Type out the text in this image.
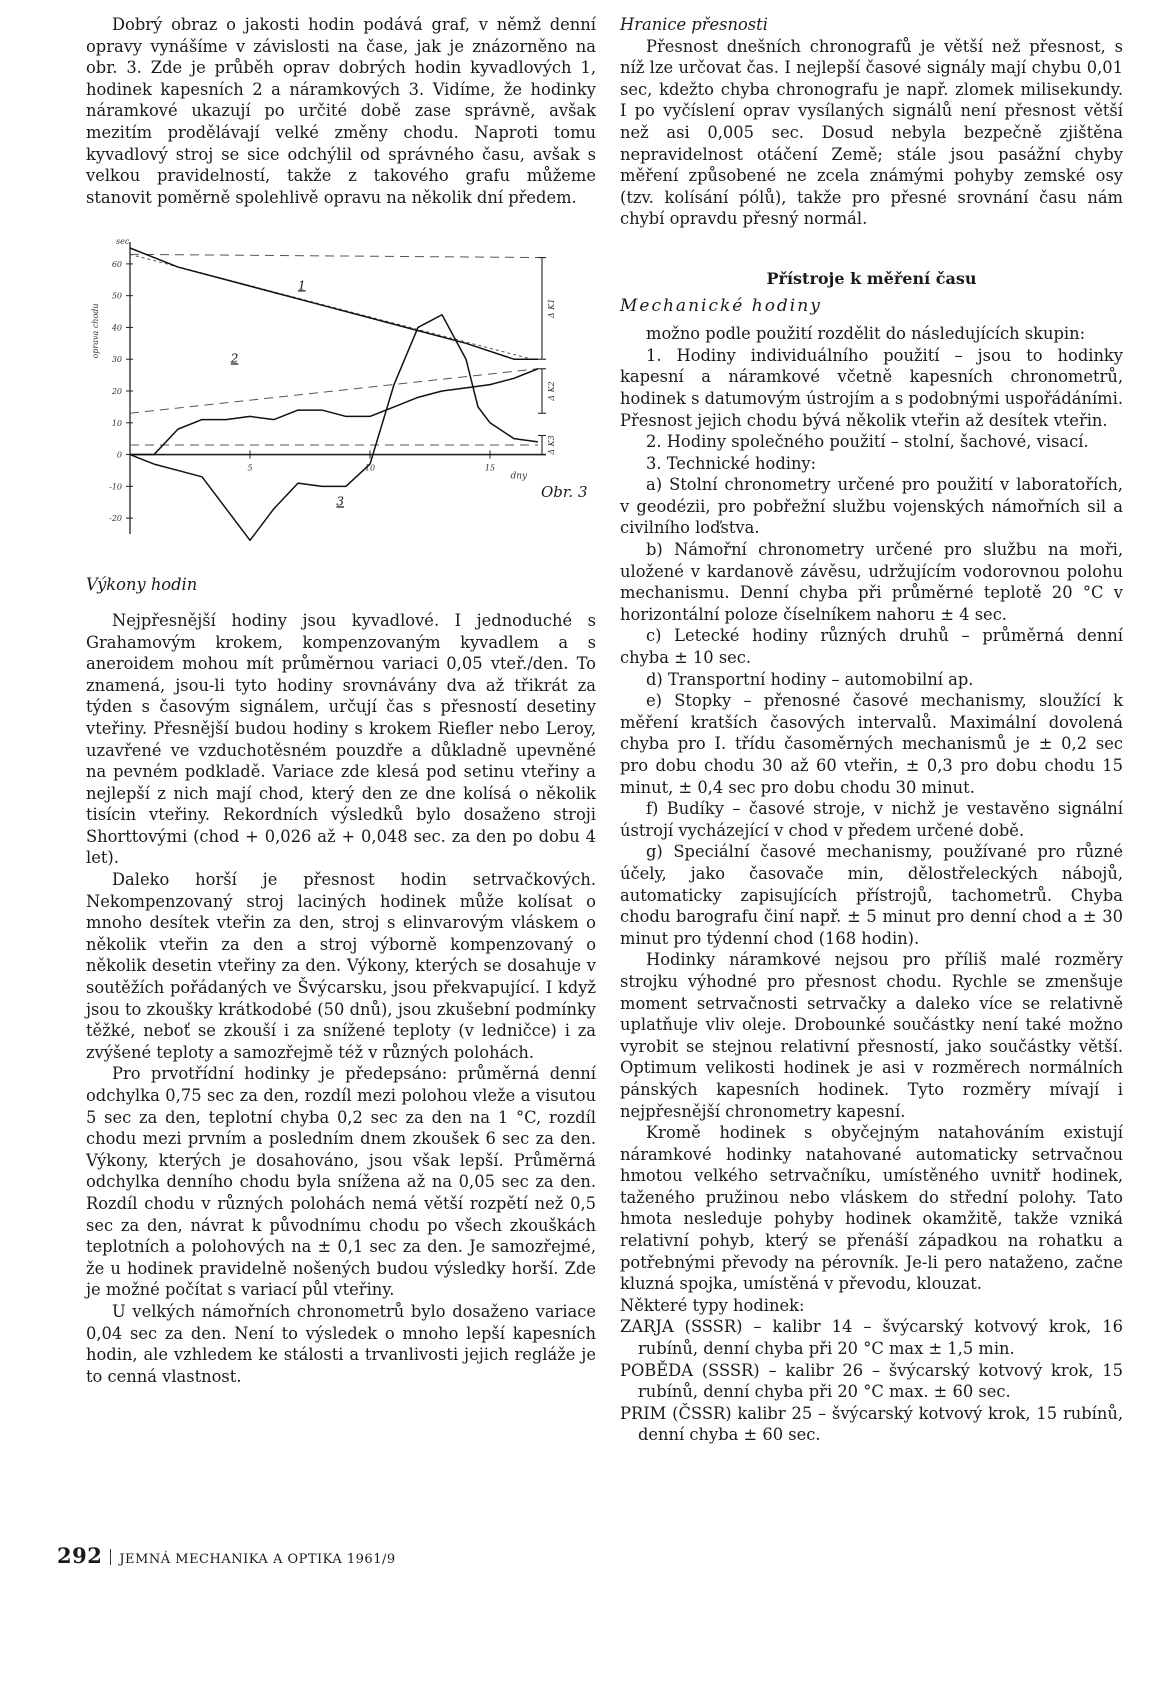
Dobrý obraz o jakosti hodin podává graf, v němž denní opravy vynášíme v závislosti na čase, jak je znázorněno na obr. 3. Zde je průběh oprav dobrých hodin kyvadlových 1, hodinek kapesních 2 a náramkových 3. Vidíme, že hodinky náramkové ukazují po určité době zase správně, avšak mezitím prodělávají velké změny chodu. Naproti tomu kyvadlový stroj se sice odchýlil od správného času, avšak s velkou pravidelností, takže z takového grafu můžeme stanovit poměrně spolehlivě opravu na několik dní předem.

60
50
40
30
20
10
0
-10
-20
sec
oprava chodu
5	10	15
dny
1
2
3
Δ K1
Δ K2
Δ K3
Obr. 3

Výkony hodin

Nejpřesnější hodiny jsou kyvadlové. I jednoduché s Grahamovým krokem, kompenzovaným kyvadlem a s aneroidem mohou mít průměrnou variaci 0,05 vteř./den. To znamená, jsou-li tyto hodiny srovnávány dva až třikrát za týden s časovým signálem, určují čas s přesností desetiny vteřiny. Přesnější budou hodiny s krokem Riefler nebo Leroy, uzavřené ve vzduchotěsném pouzdře a důkladně upevněné na pevném podkladě. Variace zde klesá pod setinu vteřiny a nejlepší z nich mají chod, který den ze dne kolísá o několik tisícin vteřiny. Rekordních výsledků bylo dosaženo stroji Shorttovými (chod + 0,026 až + 0,048 sec. za den po dobu 4 let).

Daleko horší je přesnost hodin setrvačkových. Nekompenzovaný stroj laciných hodinek může kolísat o mnoho desítek vteřin za den, stroj s elinvarovým vláskem o několik vteřin za den a stroj výborně kompenzovaný o několik desetin vteřiny za den. Výkony, kterých se dosahuje v soutěžích pořádaných ve Švýcarsku, jsou překvapující. I když jsou to zkoušky krátkodobé (50 dnů), jsou zkušební podmínky těžké, neboť se zkouší i za snížené teploty (v ledničce) i za zvýšené teploty a samozřejmě též v různých polohách.

Pro prvotřídní hodinky je předepsáno: průměrná denní odchylka 0,75 sec za den, rozdíl mezi polohou vleže a visutou 5 sec za den, teplotní chyba 0,2 sec za den na 1 °C, rozdíl chodu mezi prvním a posledním dnem zkoušek 6 sec za den. Výkony, kterých je dosahováno, jsou však lepší. Průměrná odchylka denního chodu byla snížena až na 0,05 sec za den. Rozdíl chodu v různých polohách nemá větší rozpětí než 0,5 sec za den, návrat k původnímu chodu po všech zkouškách teplotních a polohových na ± 0,1 sec za den. Je samozřejmé, že u hodinek pravidelně nošených budou výsledky horší. Zde je možné počítat s variací půl vteřiny.

U velkých námořních chronometrů bylo dosaženo variace 0,04 sec za den. Není to výsledek o mnoho lepší kapesních hodin, ale vzhledem ke stálosti a trvanlivosti jejich regláže je to cenná vlastnost.

Hranice přesnosti

Přesnost dnešních chronografů je větší než přesnost, s níž lze určovat čas. I nejlepší časové signály mají chybu 0,01 sec, kdežto chyba chronografu je např. zlomek milisekundy. I po vyčíslení oprav vysílaných signálů není přesnost větší než asi 0,005 sec. Dosud nebyla bezpečně zjištěna nepravidelnost otáčení Země; stále jsou pasážní chyby měření způsobené ne zcela známými pohyby zemské osy (tzv. kolísání pólů), takže pro přesné srovnání času nám chybí opravdu přesný normál.

Přístroje k měření času

Mechanické hodiny

možno podle použití rozdělit do následujících skupin:

1. Hodiny individuálního použití – jsou to hodinky kapesní a náramkové včetně kapesních chronometrů, hodinek s datumovým ústrojím a s podobnými uspořádáními. Přesnost jejich chodu bývá několik vteřin až desítek vteřin.

2. Hodiny společného použití – stolní, šachové, visací.

3. Technické hodiny:

a) Stolní chronometry určené pro použití v laboratořích, v geodézii, pro pobřežní službu vojenských námořních sil a civilního loďstva.

b) Námořní chronometry určené pro službu na moři, uložené v kardanově závěsu, udržujícím vodorovnou polohu mechanismu. Denní chyba při průměrné teplotě 20 °C v horizontální poloze číselníkem nahoru ± 4 sec.

c) Letecké hodiny různých druhů – průměrná denní chyba ± 10 sec.

d) Transportní hodiny – automobilní ap.

e) Stopky – přenosné časové mechanismy, sloužící k měření kratších časových intervalů. Maximální dovolená chyba pro I. třídu časoměrných mechanismů je ± 0,2 sec pro dobu chodu 30 až 60 vteřin, ± 0,3 pro dobu chodu 15 minut, ± 0,4 sec pro dobu chodu 30 minut.

f) Budíky – časové stroje, v nichž je vestavěno signální ústrojí vycházející v chod v předem určené době.

g) Speciální časové mechanismy, používané pro různé účely, jako časovače min, dělostřeleckých nábojů, automaticky zapisujících přístrojů, tachometrů. Chyba chodu barografu činí např. ± 5 minut pro denní chod a ± 30 minut pro týdenní chod (168 hodin).

Hodinky náramkové nejsou pro příliš malé rozměry strojku výhodné pro přesnost chodu. Rychle se zmenšuje moment setrvačnosti setrvačky a daleko více se relativně uplatňuje vliv oleje. Drobounké součástky není také možno vyrobit se stejnou relativní přesností, jako součástky větší. Optimum velikosti hodinek je asi v rozměrech normálních pánských kapesních hodinek. Tyto rozměry mívají i nejpřesnější chronometry kapesní.

Kromě hodinek s obyčejným natahováním existují náramkové hodinky natahované automaticky setrvačnou hmotou velkého setrvačníku, umístěného uvnitř hodinek, taženého pružinou nebo vláskem do střední polohy. Tato hmota nesleduje pohyby hodinek okamžitě, takže vzniká relativní pohyb, který se přenáší západkou na rohatku a potřebnými převody na pérovník. Je-li pero nataženo, začne kluzná spojka, umístěná v převodu, klouzat.

Některé typy hodinek:

ZARJA (SSSR) – kalibr 14 – švýcarský kotvový krok, 16 rubínů, denní chyba při 20 °C max ± 1,5 min.

POBĚDA (SSSR) – kalibr 26 – švýcarský kotvový krok, 15 rubínů, denní chyba při 20 °C max. ± 60 sec.

PRIM (ČSSR) kalibr 25 – švýcarský kotvový krok, 15 rubínů, denní chyba ± 60 sec.

292 JEMNÁ MECHANIKA A OPTIKA 1961/9
